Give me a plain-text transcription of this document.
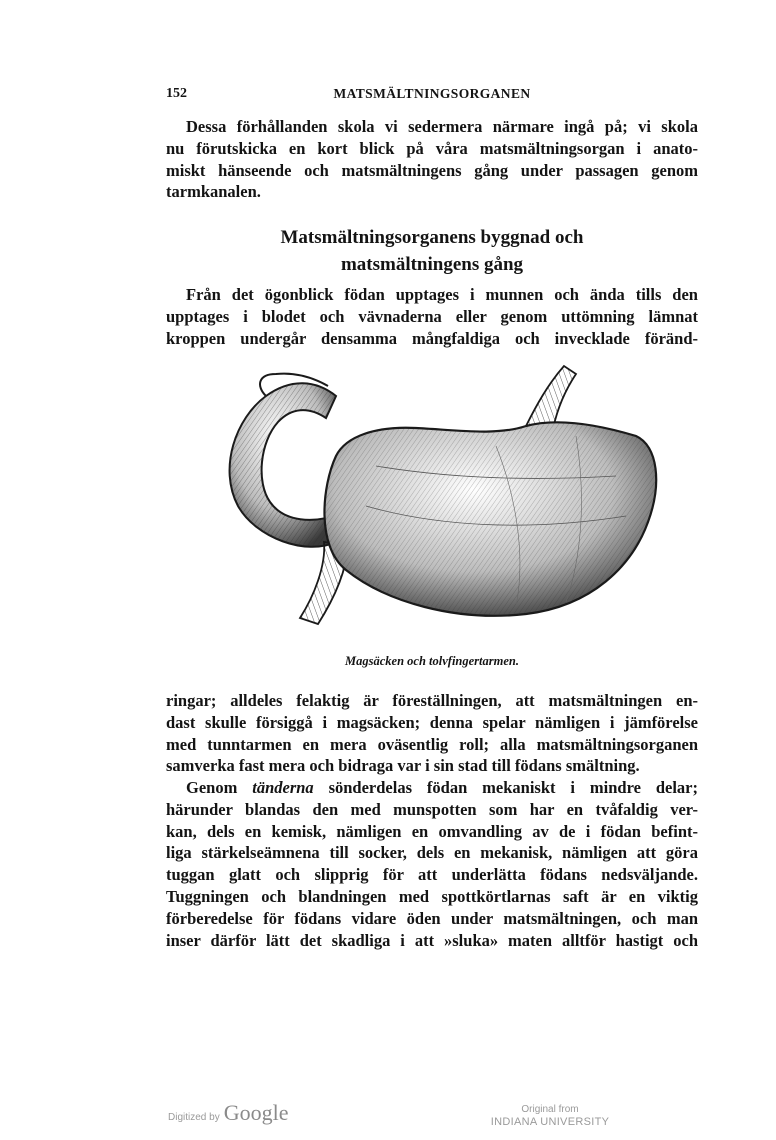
152	MATSMÄLTNINGSORGANEN

Dessa förhållanden skola vi sedermera närmare ingå på; vi skola
nu förutskicka en kort blick på våra matsmältningsorgan i anato-
miskt hänseende och matsmältningens gång under passagen genom
tarmkanalen.

Matsmältningsorganens byggnad och
matsmältningens gång

Från det ögonblick födan upptages i munnen och ända tills den
upptages i blodet och vävnaderna eller genom uttömning lämnat
kroppen undergår densamma mångfaldiga och invecklade föränd-

Magsäcken och tolvfingertarmen.

ringar; alldeles felaktig är föreställningen, att matsmältningen en-
dast skulle försiggå i magsäcken; denna spelar nämligen i jämförelse
med tunntarmen en mera oväsentlig roll; alla matsmältningsorganen
samverka fast mera och bidraga var i sin stad till födans smältning.

Genom tänderna sönderdelas födan mekaniskt i mindre delar;
härunder blandas den med munspotten som har en tvåfaldig ver-
kan, dels en kemisk, nämligen en omvandling av de i födan befint-
liga stärkelseämnena till socker, dels en mekanisk, nämligen att göra
tuggan glatt och slipprig för att underlätta födans nedsväljande.
Tuggningen och blandningen med spottkörtlarnas saft är en viktig
förberedelse för födans vidare öden under matsmältningen, och man
inser därför lätt det skadliga i att »sluka» maten alltför hastigt och

Digitized by Google	Original from
INDIANA UNIVERSITY
